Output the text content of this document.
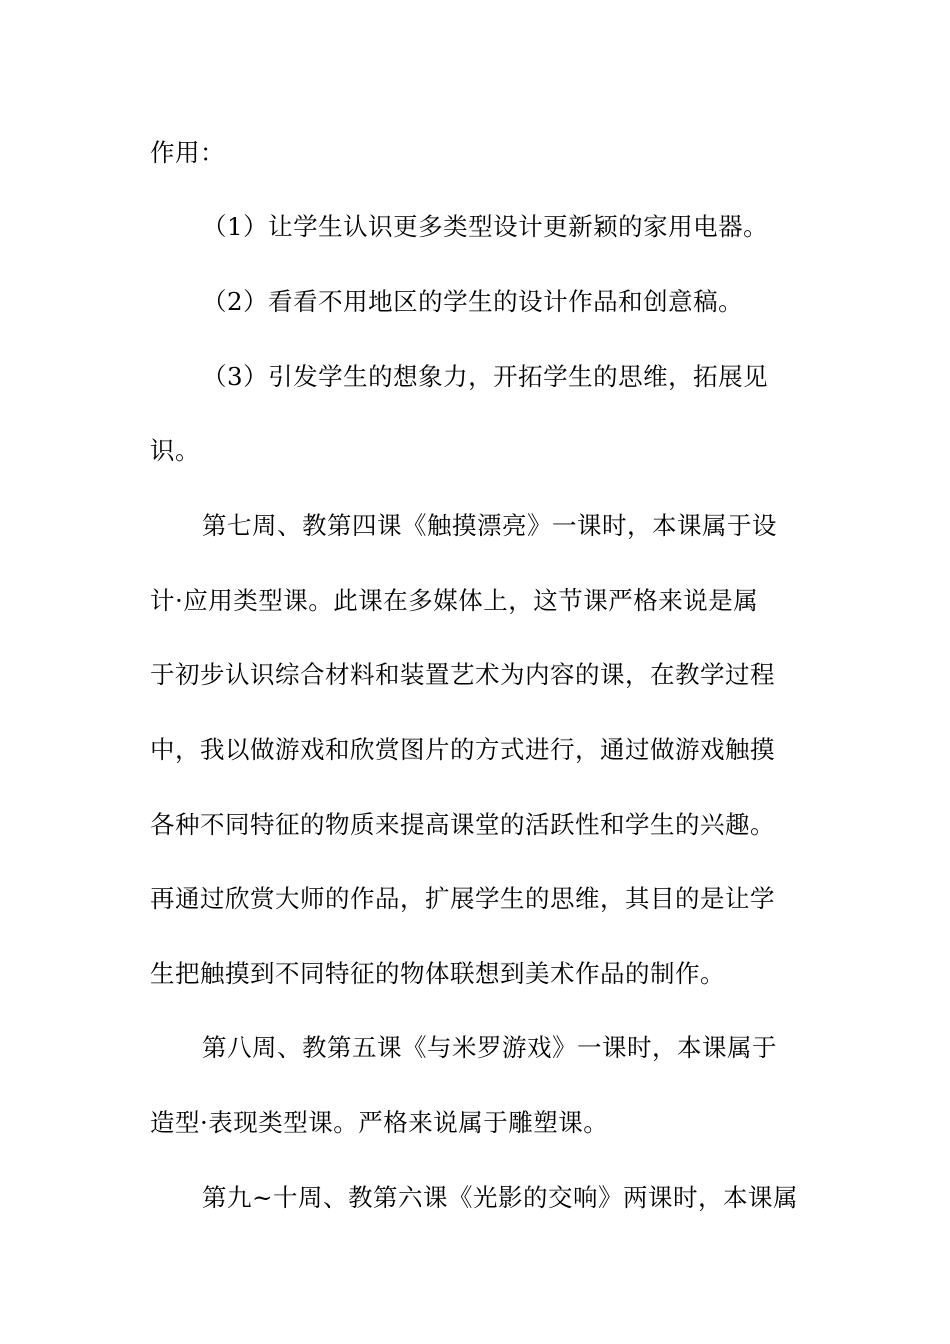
作用：
（1）让学生认识更多类型设计更新颖的家用电器。
（2）看看不用地区的学生的设计作品和创意稿。
（3）引发学生的想象力，开拓学生的思维，拓展见
识。
第七周、教第四课《触摸漂亮》一课时，本课属于设
计·应用类型课。此课在多媒体上，这节课严格来说是属
于初步认识综合材料和装置艺术为内容的课，在教学过程
中，我以做游戏和欣赏图片的方式进行，通过做游戏触摸
各种不同特征的物质来提高课堂的活跃性和学生的兴趣。
再通过欣赏大师的作品，扩展学生的思维，其目的是让学
生把触摸到不同特征的物体联想到美术作品的制作。
第八周、教第五课《与米罗游戏》一课时，本课属于
造型·表现类型课。严格来说属于雕塑课。
第九~十周、教第六课《光影的交响》两课时，本课属
